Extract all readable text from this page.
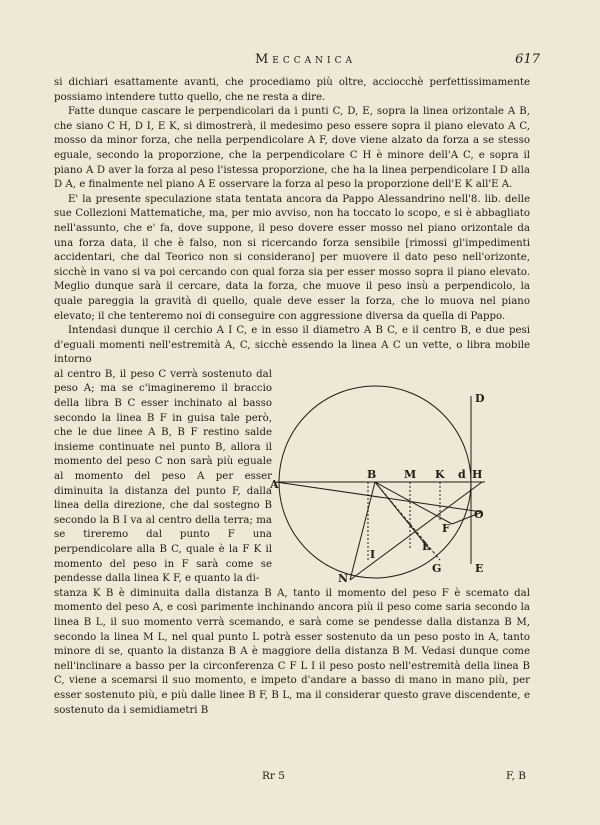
Meccanica	617

si dichiari esattamente avanti, che procediamo più oltre, acciocchè perfettissimamente possiamo intendere tutto quello, che ne resta a dire.

Fatte dunque cascare le perpendicolari da i punti C, D, E, sopra la linea orizontale A B, che siano C H, D I, E K, si dimostrerà, il medesimo peso essere sopra il piano elevato A C, mosso da minor forza, che nella perpendicolare A F, dove viene alzato da forza a se stesso eguale, secondo la proporzione, che la perpendicolare C H è minore dell'A C, e sopra il piano A D aver la forza al peso l'istessa proporzione, che ha la linea perpendicolare I D alla D A, e finalmente nel piano A E osservare la forza al peso la proporzione dell'E K all'E A.

E' la presente speculazione stata tentata ancora da Pappo Alessandrino nell'8. lib. delle sue Collezioni Mattematiche, ma, per mio avviso, non ha toccato lo scopo, e si è abbagliato nell'assunto, che e' fa, dove suppone, il peso dovere esser mosso nel piano orizontale da una forza data, il che è falso, non si ricercando forza sensibile [rimossi gl'impedimenti accidentari, che dal Teorico non si considerano] per muovere il dato peso nell'orizonte, sicchè in vano si va poi cercando con qual forza sia per esser mosso sopra il piano elevato. Meglio dunque sarà il cercare, data la forza, che muove il peso insù a perpendicolo, la quale pareggia la gravità di quello, quale deve esser la forza, che lo muova nel piano elevato; il che tenteremo noi di conseguire con aggressione diversa da quella di Pappo.

Intendasi dunque il cerchio A I C, e in esso il diametro A B C, e il centro B, e due pesi d'eguali momenti nell'estremità A, C, sicchè essendo la linea A C un vette, o libra mobile intorno

al centro B, il peso C verrà sostenuto dal peso A; ma se c'imagineremo il braccio della libra B C esser inchinato al basso secondo la linea B F in guisa tale però, che le due linee A B, B F restino salde insieme continuate nel punto B, allora il momento del peso C non sarà più eguale al momento del peso A per esser diminuita la distanza del punto F, dalla linea della direzione, che dal sostegno B secondo la B I va al centro della terra; ma se tireremo dal punto F una perpendicolare alla B C, quale è la F K il momento del peso in F sarà come se pendesse dalla linea K F, e quanto la di-

stanza K B è diminuita dalla distanza B A, tanto il momento del peso F è scemato dal momento del peso A, e così parimente inchinando ancora più il peso come saria secondo la linea B L, il suo momento verrà scemando, e sarà come se pendesse dalla distanza B M, secondo la linea M L, nel qual punto L potrà esser sostenuto da un peso posto in A, tanto minore di se, quanto la distanza B A è maggiore della distanza B M. Vedasi dunque come nell'inclinare a basso per la circonferenza C F L I il peso posto nell'estremità della linea B C, viene a scemarsi il suo momento, e impeto d'andare a basso di mano in mano più, per esser sostenuto più, e più dalle linee B F, B L, ma il considerar questo grave discendente, e sostenuto da i semidiametri B

A
B	M K d H
D
F
O
L
I
G
N
E
Rr 5	F, B
